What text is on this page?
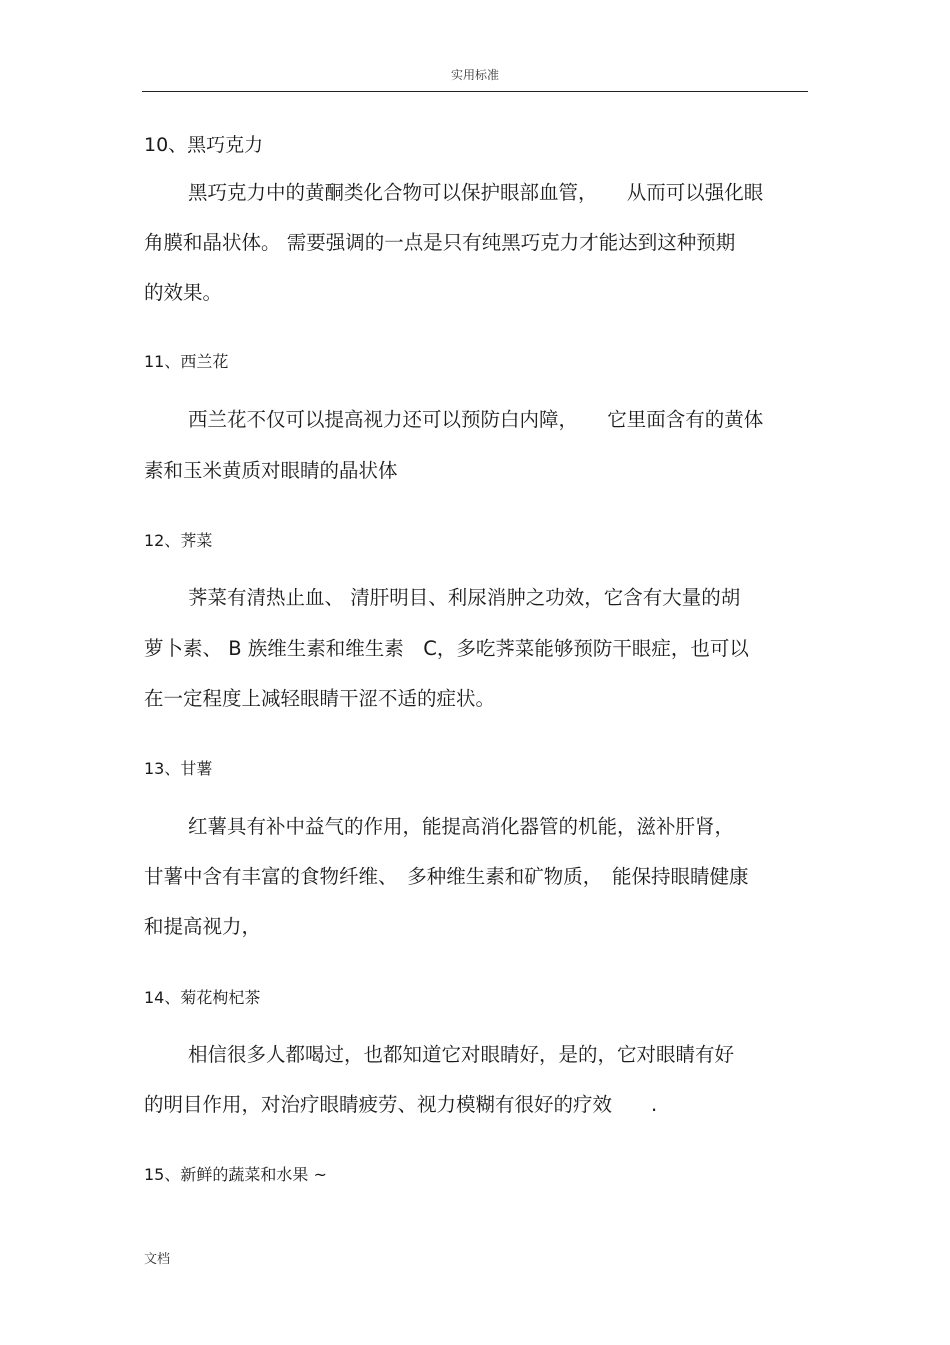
实用标准
10、黑巧克力
黑巧克力中的黄酮类化合物可以保护眼部血管，　　从而可以强化眼
角膜和晶状体。 需要强调的一点是只有纯黑巧克力才能达到这种预期
的效果。
11、西兰花
西兰花不仅可以提高视力还可以预防白内障，　　它里面含有的黄体
素和玉米黄质对眼睛的晶状体
12、荠菜
荠菜有清热止血、 清肝明目、利尿消肿之功效，它含有大量的胡
萝卜素、 B 族维生素和维生素　C，多吃荠菜能够预防干眼症，也可以
在一定程度上减轻眼睛干涩不适的症状。
13、甘薯
红薯具有补中益气的作用，能提高消化器管的机能，滋补肝肾，
甘薯中含有丰富的食物纤维、　多种维生素和矿物质，　能保持眼睛健康
和提高视力，
14、菊花枸杞茶
相信很多人都喝过，也都知道它对眼睛好，是的，它对眼睛有好
的明目作用，对治疗眼睛疲劳、视力模糊有很好的疗效　　.
15、新鲜的蔬菜和水果 ~
文档
